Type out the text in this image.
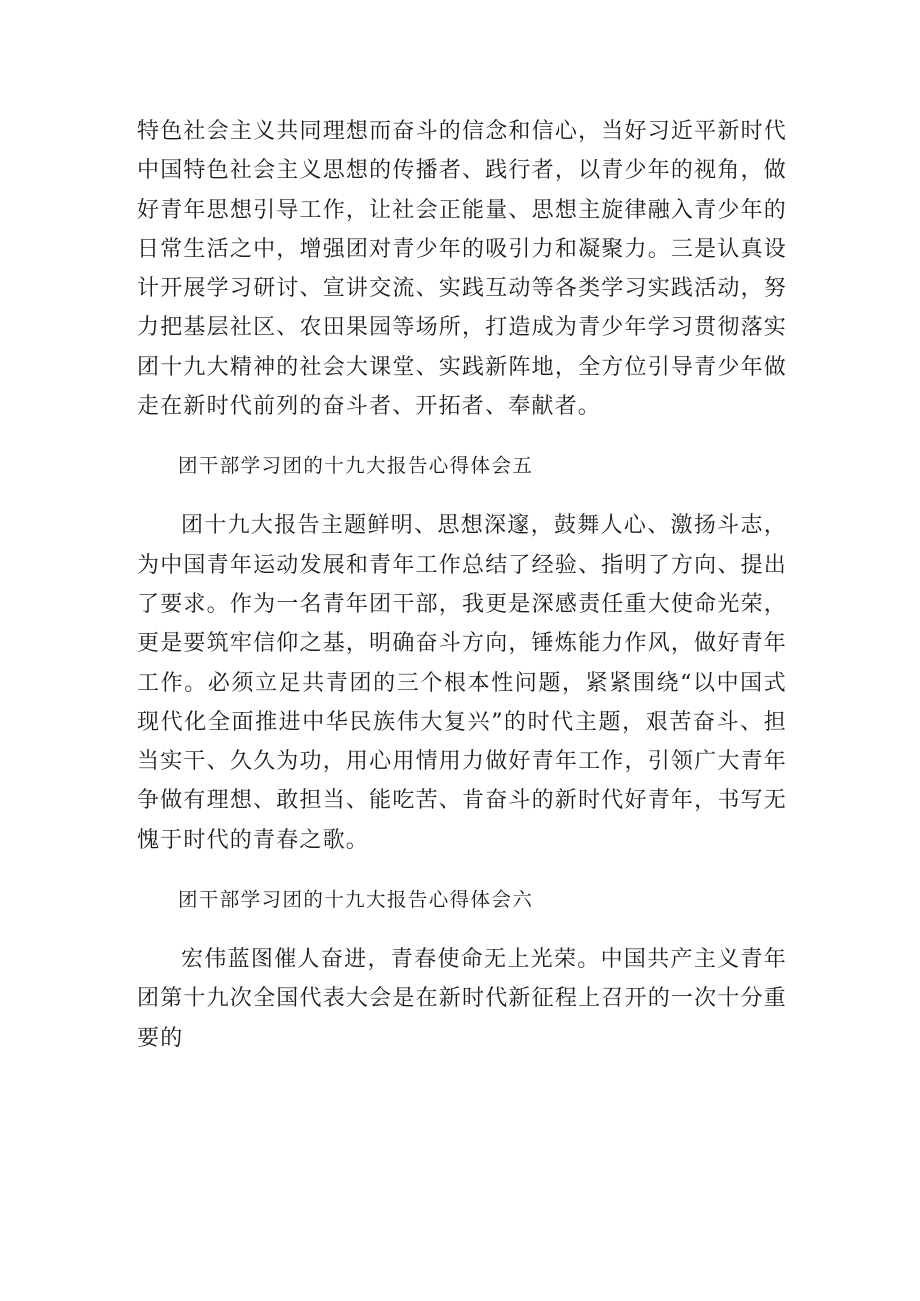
特色社会主义共同理想而奋斗的信念和信心，当好习近平新时代中国特色社会主义思想的传播者、践行者，以青少年的视角，做好青年思想引导工作，让社会正能量、思想主旋律融入青少年的日常生活之中，增强团对青少年的吸引力和凝聚力。三是认真设计开展学习研讨、宣讲交流、实践互动等各类学习实践活动，努力把基层社区、农田果园等场所，打造成为青少年学习贯彻落实团十九大精神的社会大课堂、实践新阵地，全方位引导青少年做走在新时代前列的奋斗者、开拓者、奉献者。

团干部学习团的十九大报告心得体会五

团十九大报告主题鲜明、思想深邃，鼓舞人心、激扬斗志，为中国青年运动发展和青年工作总结了经验、指明了方向、提出了要求。作为一名青年团干部，我更是深感责任重大使命光荣，更是要筑牢信仰之基，明确奋斗方向，锤炼能力作风，做好青年工作。必须立足共青团的三个根本性问题，紧紧围绕“以中国式现代化全面推进中华民族伟大复兴”的时代主题，艰苦奋斗、担当实干、久久为功，用心用情用力做好青年工作，引领广大青年争做有理想、敢担当、能吃苦、肯奋斗的新时代好青年，书写无愧于时代的青春之歌。

团干部学习团的十九大报告心得体会六

宏伟蓝图催人奋进，青春使命无上光荣。中国共产主义青年团第十九次全国代表大会是在新时代新征程上召开的一次十分重要的
